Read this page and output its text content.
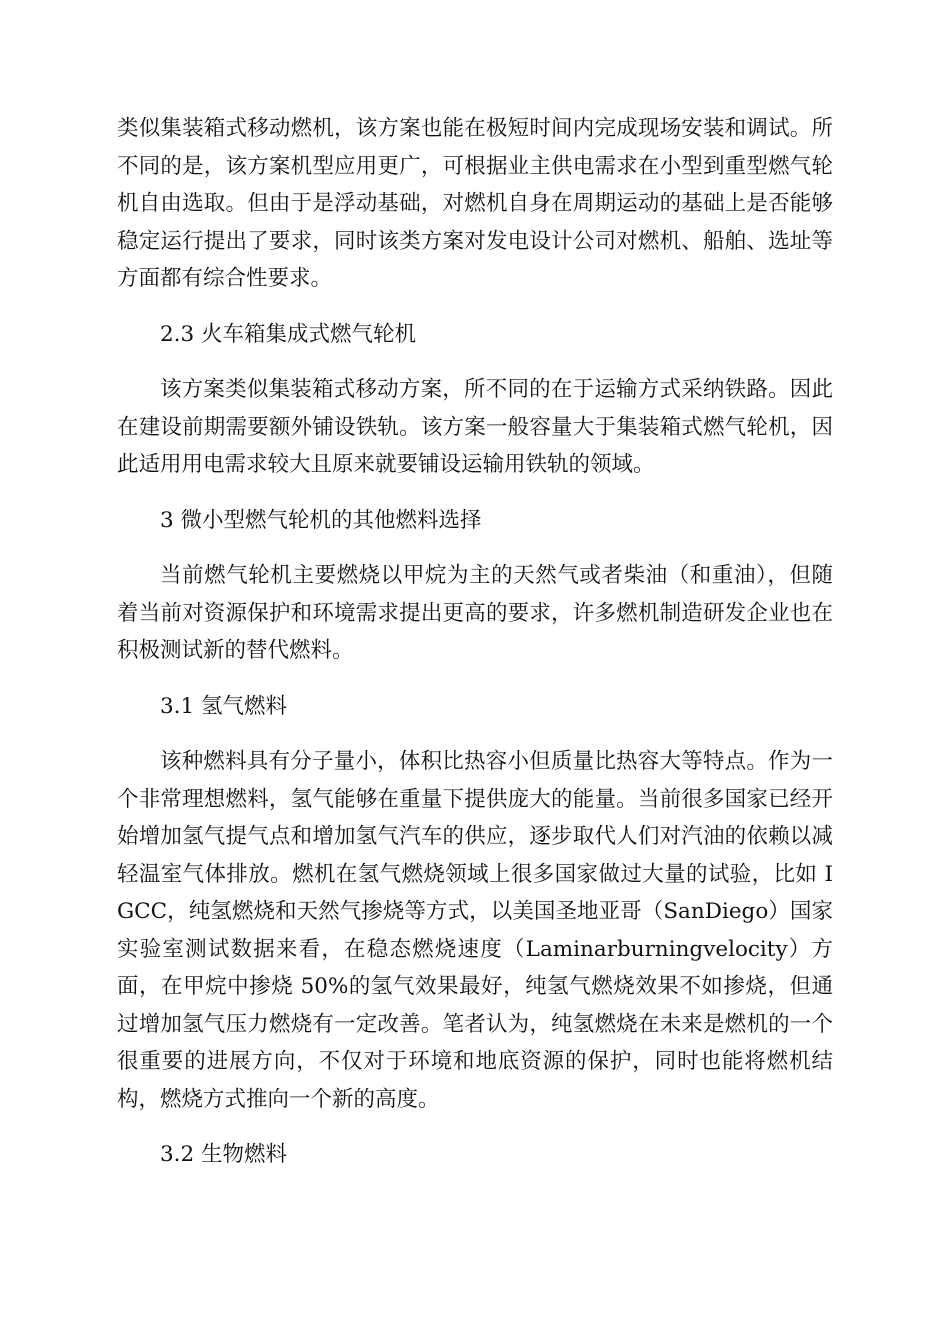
类似集装箱式移动燃机，该方案也能在极短时间内完成现场安装和调试。所不同的是，该方案机型应用更广，可根据业主供电需求在小型到重型燃气轮机自由选取。但由于是浮动基础，对燃机自身在周期运动的基础上是否能够稳定运行提出了要求，同时该类方案对发电设计公司对燃机、船舶、选址等方面都有综合性要求。

2.3 火车箱集成式燃气轮机

该方案类似集装箱式移动方案，所不同的在于运输方式采纳铁路。因此在建设前期需要额外铺设铁轨。该方案一般容量大于集装箱式燃气轮机，因此适用用电需求较大且原来就要铺设运输用铁轨的领域。

3 微小型燃气轮机的其他燃料选择

当前燃气轮机主要燃烧以甲烷为主的天然气或者柴油（和重油），但随着当前对资源保护和环境需求提出更高的要求，许多燃机制造研发企业也在积极测试新的替代燃料。

3.1 氢气燃料

该种燃料具有分子量小，体积比热容小但质量比热容大等特点。作为一个非常理想燃料，氢气能够在重量下提供庞大的能量。当前很多国家已经开始增加氢气提气点和增加氢气汽车的供应，逐步取代人们对汽油的依赖以减轻温室气体排放。燃机在氢气燃烧领域上很多国家做过大量的试验，比如 IGCC，纯氢燃烧和天然气掺烧等方式，以美国圣地亚哥（SanDiego）国家实验室测试数据来看，在稳态燃烧速度（Laminarburningvelocity）方面，在甲烷中掺烧 50%的氢气效果最好，纯氢气燃烧效果不如掺烧，但通过增加氢气压力燃烧有一定改善。笔者认为，纯氢燃烧在未来是燃机的一个很重要的进展方向，不仅对于环境和地底资源的保护，同时也能将燃机结构，燃烧方式推向一个新的高度。

3.2 生物燃料
